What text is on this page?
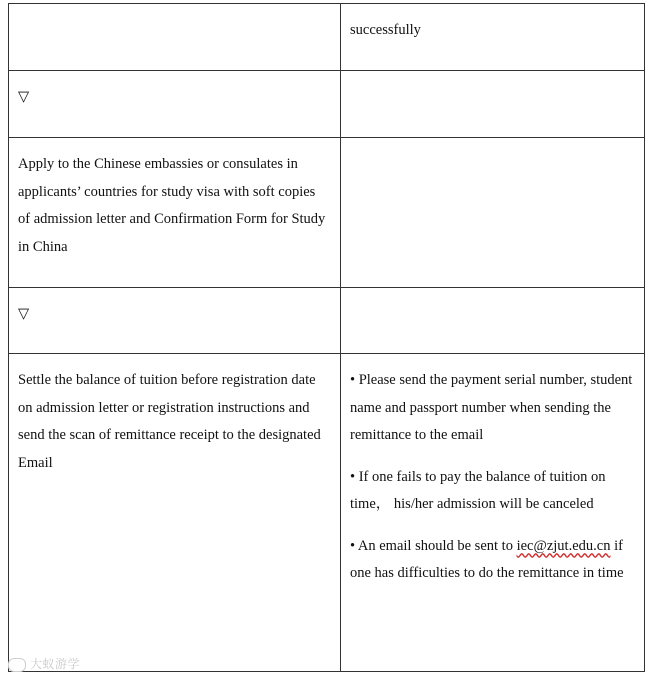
	successfully
▽	
Apply to the Chinese embassies or consulates in applicants’ countries for study visa with soft copies of admission letter and Confirmation Form for Study in China	
▽	
Settle the balance of tuition before registration date on admission letter or registration instructions and send the scan of remittance receipt to the designated Email	• Please send the payment serial number, student name and passport number when sending the remittance to the email
• If one fails to pay the balance of tuition on time， his/her admission will be canceled
• An email should be sent to iec@zjut.edu.cn if one has difficulties to do the remittance in time
大蚁游学
